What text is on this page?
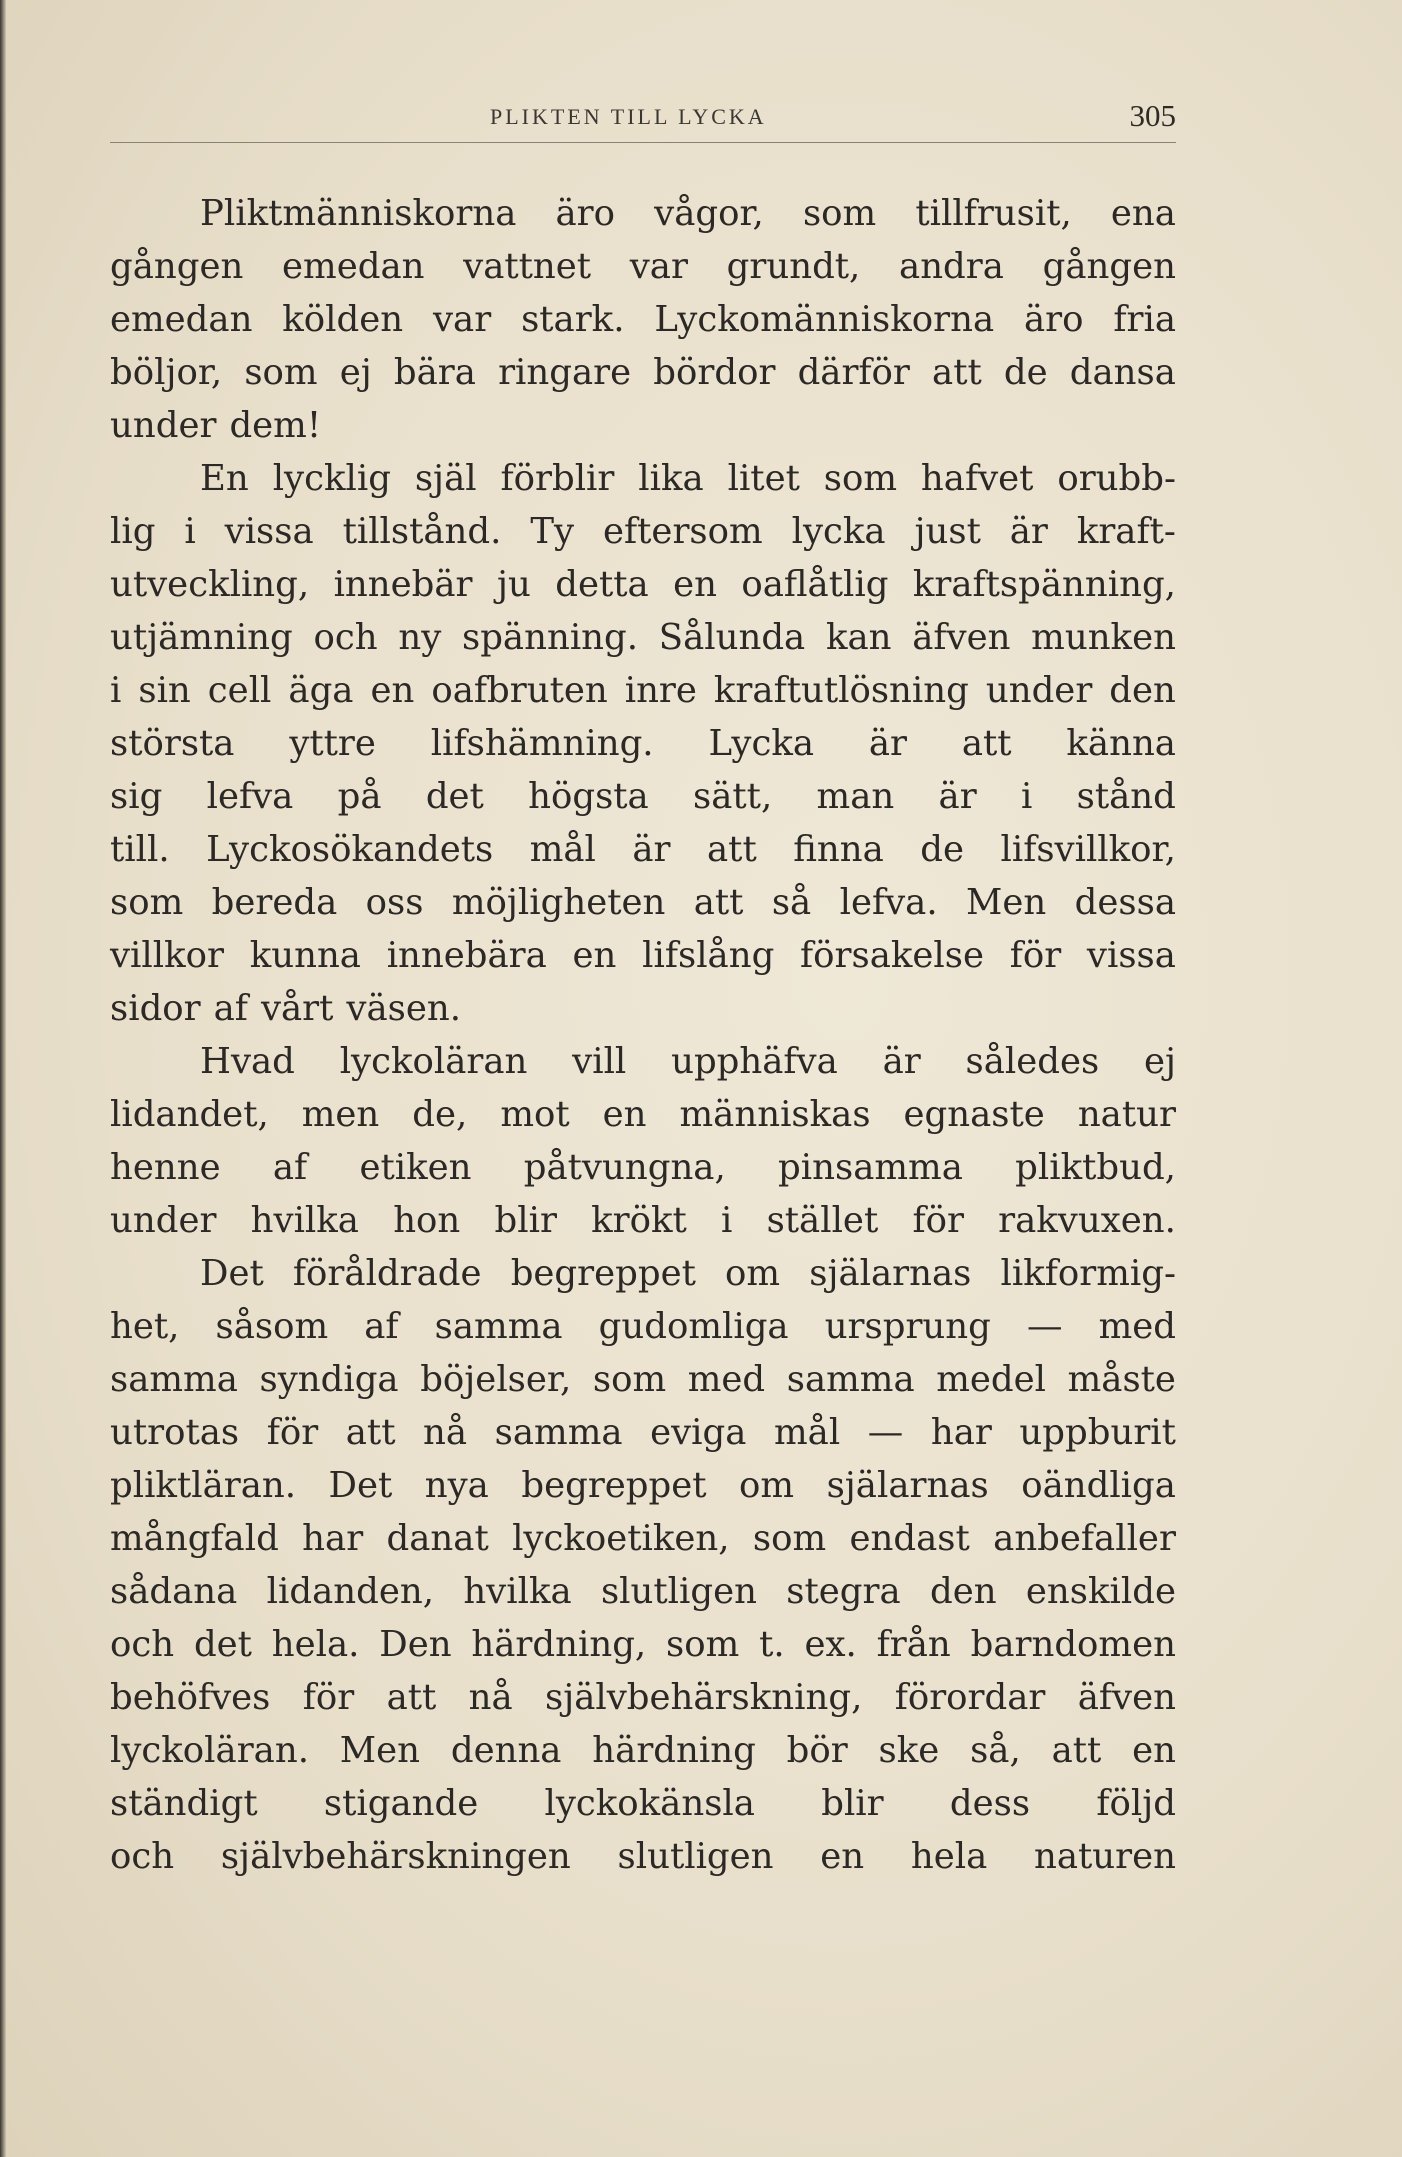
PLIKTEN TILL LYCKA	305
Pliktmänniskorna äro vågor, som tillfrusit, ena
gången emedan vattnet var grundt, andra gången
emedan kölden var stark. Lyckomänniskorna äro fria
böljor, som ej bära ringare bördor därför att de dansa
under dem!
En lycklig själ förblir lika litet som hafvet orubb-
lig i vissa tillstånd. Ty eftersom lycka just är kraft-
utveckling, innebär ju detta en oaflåtlig kraftspänning,
utjämning och ny spänning. Sålunda kan äfven munken
i sin cell äga en oafbruten inre kraftutlösning under den
största yttre lifshämning. Lycka är att känna
sig lefva på det högsta sätt, man är i stånd
till. Lyckosökandets mål är att finna de lifsvillkor,
som bereda oss möjligheten att så lefva. Men dessa
villkor kunna innebära en lifslång försakelse för vissa
sidor af vårt väsen.
Hvad lyckoläran vill upphäfva är således ej
lidandet, men de, mot en människas egnaste natur
henne af etiken påtvungna, pinsamma pliktbud,
under hvilka hon blir krökt i stället för rakvuxen.
Det föråldrade begreppet om själarnas likformig-
het, såsom af samma gudomliga ursprung — med
samma syndiga böjelser, som med samma medel måste
utrotas för att nå samma eviga mål — har uppburit
pliktläran. Det nya begreppet om själarnas oändliga
mångfald har danat lyckoetiken, som endast anbefaller
sådana lidanden, hvilka slutligen stegra den enskilde
och det hela. Den härdning, som t. ex. från barndomen
behöfves för att nå självbehärskning, förordar äfven
lyckoläran. Men denna härdning bör ske så, att en
ständigt stigande lyckokänsla blir dess följd
och självbehärskningen slutligen en hela naturen
